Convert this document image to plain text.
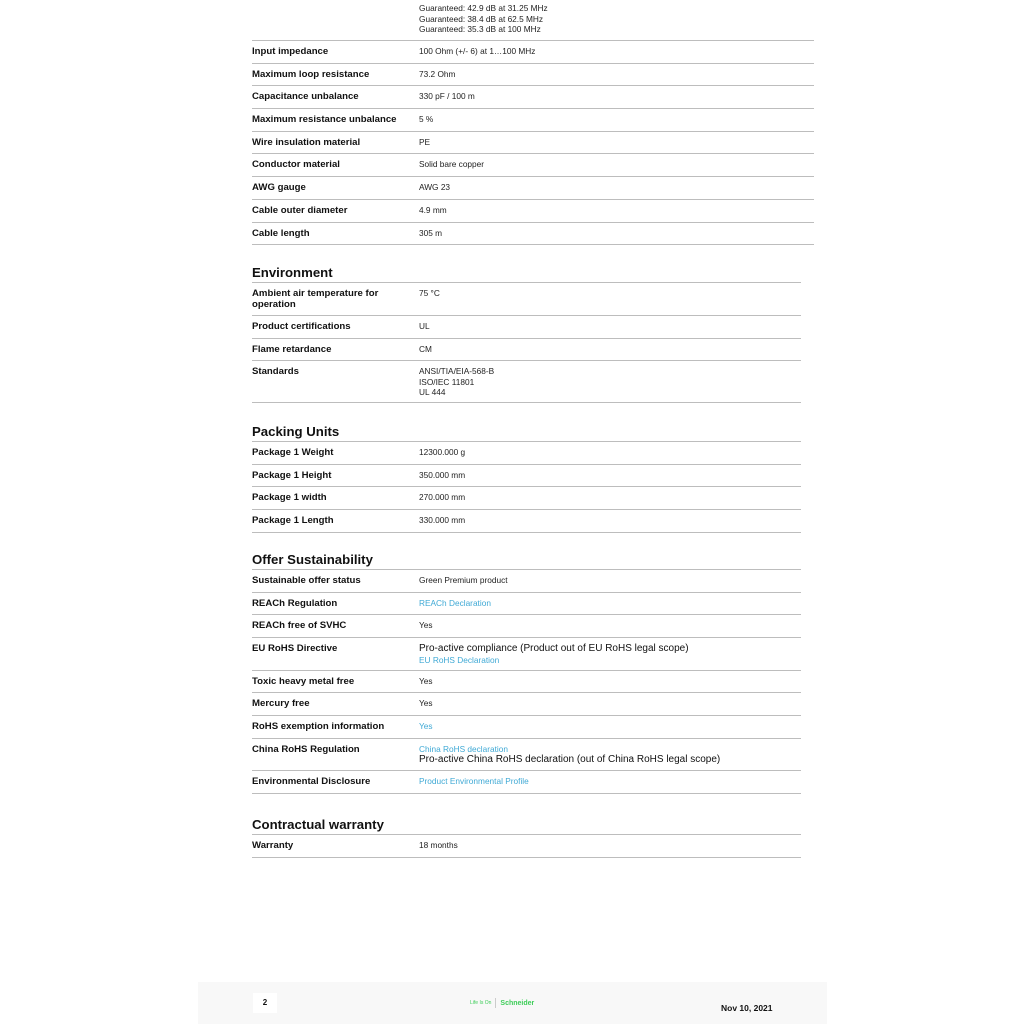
Guaranteed: 42.9 dB at 31.25 MHz
Guaranteed: 38.4 dB at 62.5 MHz
Guaranteed: 35.3 dB at 100 MHz
Input impedance	100 Ohm (+/- 6) at 1…100 MHz
Maximum loop resistance	73.2 Ohm
Capacitance unbalance	330 pF / 100 m
Maximum resistance unbalance	5 %
Wire insulation material	PE
Conductor material	Solid bare copper
AWG gauge	AWG 23
Cable outer diameter	4.9 mm
Cable length	305 m
Environment
Ambient air temperature for operation
75 °C
Product certifications	UL
Flame retardance	CM
Standards	ANSI/TIA/EIA-568-B
ISO/IEC 11801
UL 444
Packing Units
Package 1 Weight	12300.000 g
Package 1 Height	350.000 mm
Package 1 width	270.000 mm
Package 1 Length	330.000 mm
Offer Sustainability
Sustainable offer status	Green Premium product
REACh Regulation	REACh Declaration
REACh free of SVHC	Yes
EU RoHS Directive	Pro-active compliance (Product out of EU RoHS legal scope)
EU RoHS Declaration
Toxic heavy metal free	Yes
Mercury free	Yes
RoHS exemption information	Yes
China RoHS Regulation	China RoHS declaration
Pro-active China RoHS declaration (out of China RoHS legal scope)
Environmental Disclosure	Product Environmental Profile
Contractual warranty
Warranty	18 months
2	Life Is On Schneider	Nov 10, 2021
